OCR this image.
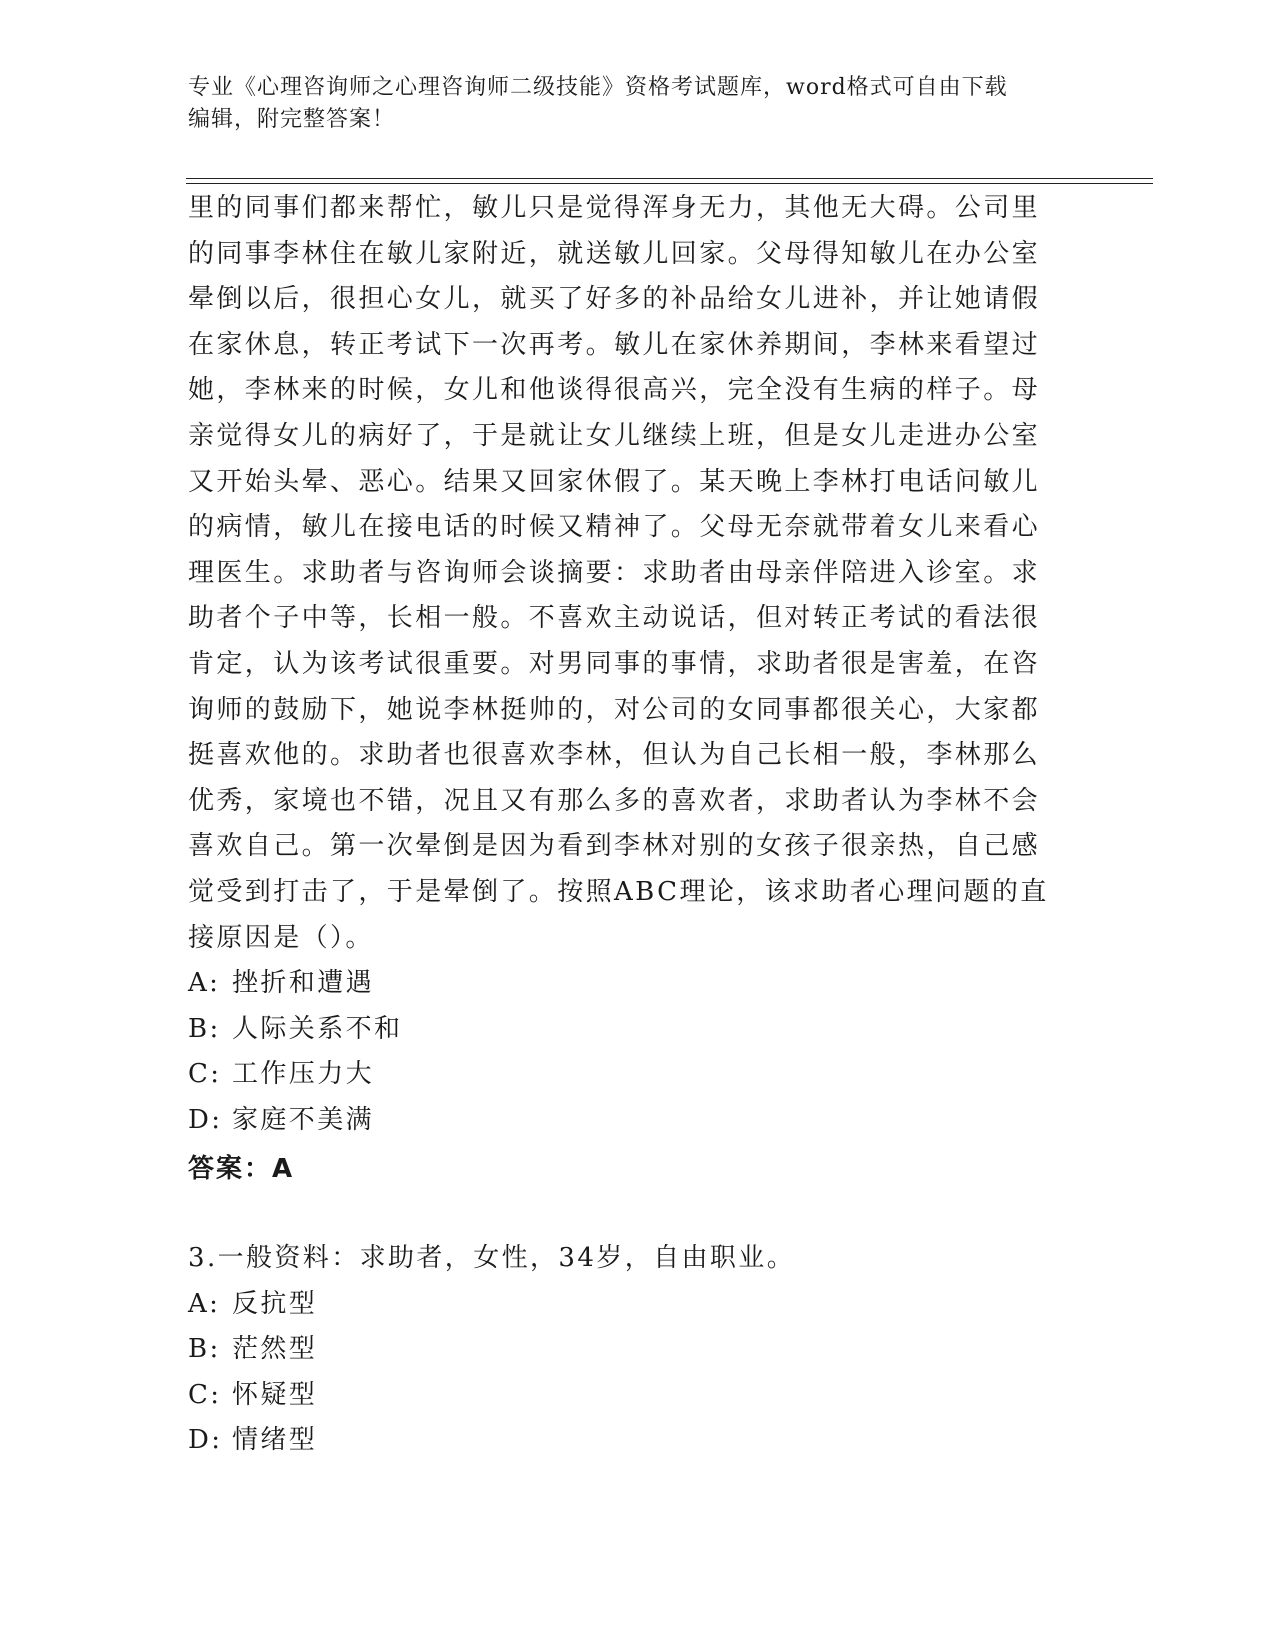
专业《心理咨询师之心理咨询师二级技能》资格考试题库，word格式可自由下载
编辑，附完整答案！
里的同事们都来帮忙，敏儿只是觉得浑身无力，其他无大碍。公司里
的同事李林住在敏儿家附近，就送敏儿回家。父母得知敏儿在办公室
晕倒以后，很担心女儿，就买了好多的补品给女儿进补，并让她请假
在家休息，转正考试下一次再考。敏儿在家休养期间，李林来看望过
她，李林来的时候，女儿和他谈得很高兴，完全没有生病的样子。母
亲觉得女儿的病好了，于是就让女儿继续上班，但是女儿走进办公室
又开始头晕、恶心。结果又回家休假了。某天晚上李林打电话问敏儿
的病情，敏儿在接电话的时候又精神了。父母无奈就带着女儿来看心
理医生。求助者与咨询师会谈摘要：求助者由母亲伴陪进入诊室。求
助者个子中等，长相一般。不喜欢主动说话，但对转正考试的看法很
肯定，认为该考试很重要。对男同事的事情，求助者很是害羞，在咨
询师的鼓励下，她说李林挺帅的，对公司的女同事都很关心，大家都
挺喜欢他的。求助者也很喜欢李林，但认为自己长相一般，李林那么
优秀，家境也不错，况且又有那么多的喜欢者，求助者认为李林不会
喜欢自己。第一次晕倒是因为看到李林对别的女孩子很亲热，自己感
觉受到打击了，于是晕倒了。按照ABC理论，该求助者心理问题的直
接原因是（）。
A: 挫折和遭遇
B: 人际关系不和
C: 工作压力大
D: 家庭不美满
答案：A
3.一般资料：求助者，女性，34岁，自由职业。
A: 反抗型
B: 茫然型
C: 怀疑型
D: 情绪型
